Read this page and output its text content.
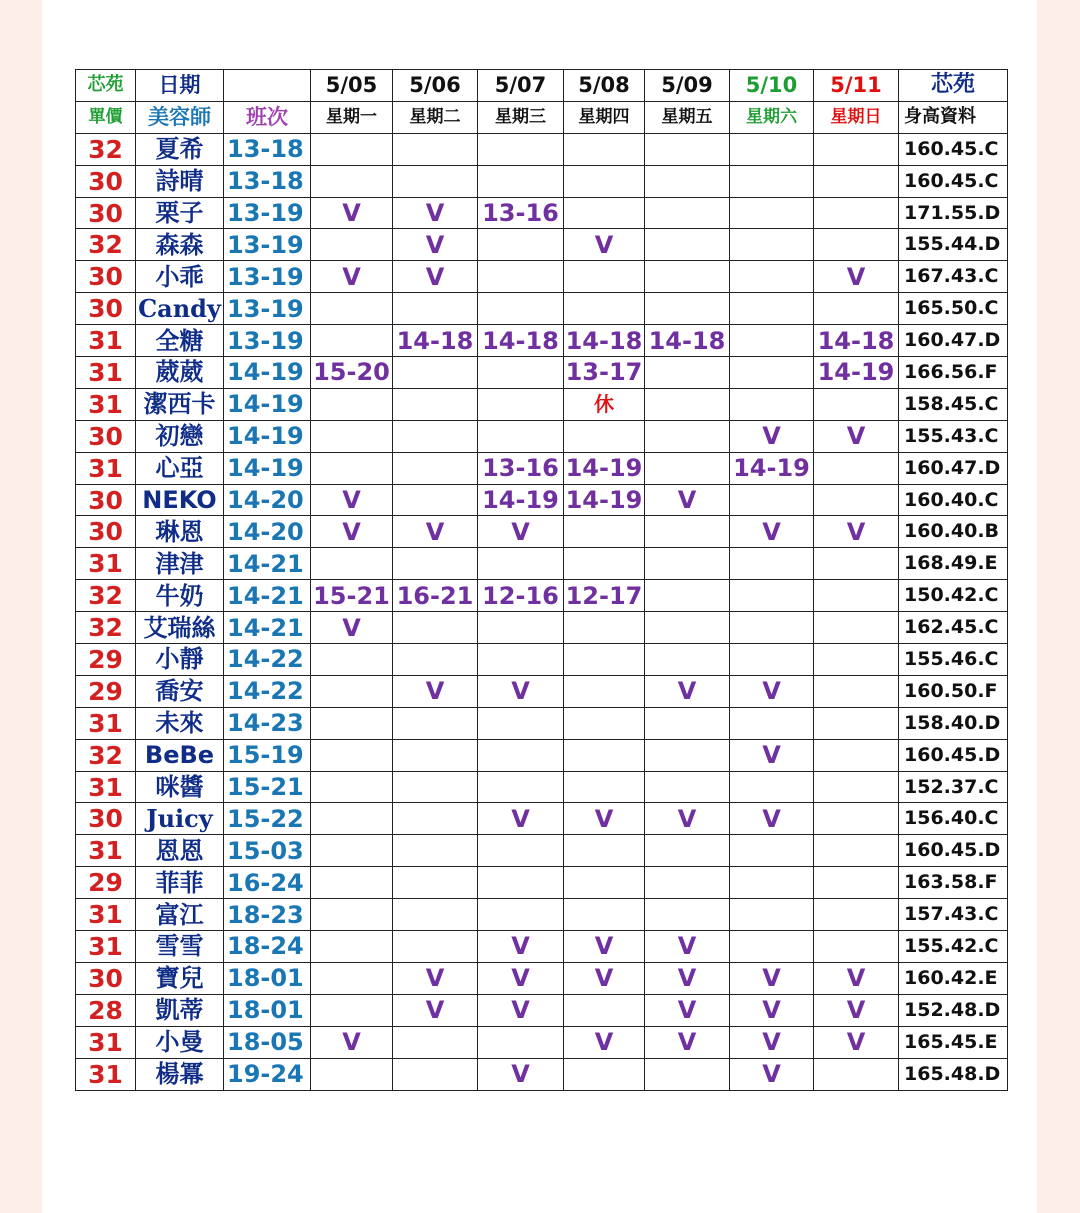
芯苑	日期		5/05	5/06	5/07	5/08	5/09	5/10	5/11	芯苑
單價	美容師	班次	星期一	星期二	星期三	星期四	星期五	星期六	星期日	身高資料
32	夏希	13-18								160.45.C
30	詩晴	13-18								160.45.C
30	栗子	13-19	V	V	13-16					171.55.D
32	森森	13-19		V		V				155.44.D
30	小乖	13-19	V	V					V	167.43.C
30	Candy	13-19								165.50.C
31	全糖	13-19		14-18	14-18	14-18	14-18		14-18	160.47.D
31	葳葳	14-19	15-20			13-17			14-19	166.56.F
31	潔西卡	14-19				休				158.45.C
30	初戀	14-19						V	V	155.43.C
31	心亞	14-19			13-16	14-19		14-19		160.47.D
30	NEKO	14-20	V		14-19	14-19	V			160.40.C
30	琳恩	14-20	V	V	V			V	V	160.40.B
31	津津	14-21								168.49.E
32	牛奶	14-21	15-21	16-21	12-16	12-17				150.42.C
32	艾瑞絲	14-21	V							162.45.C
29	小靜	14-22								155.46.C
29	喬安	14-22		V	V		V	V		160.50.F
31	未來	14-23								158.40.D
32	BeBe	15-19						V		160.45.D
31	咪醬	15-21								152.37.C
30	Juicy	15-22			V	V	V	V		156.40.C
31	恩恩	15-03								160.45.D
29	菲菲	16-24								163.58.F
31	富江	18-23								157.43.C
31	雪雪	18-24			V	V	V			155.42.C
30	寶兒	18-01		V	V	V	V	V	V	160.42.E
28	凱蒂	18-01		V	V		V	V	V	152.48.D
31	小曼	18-05	V			V	V	V	V	165.45.E
31	楊冪	19-24			V			V		165.48.D
